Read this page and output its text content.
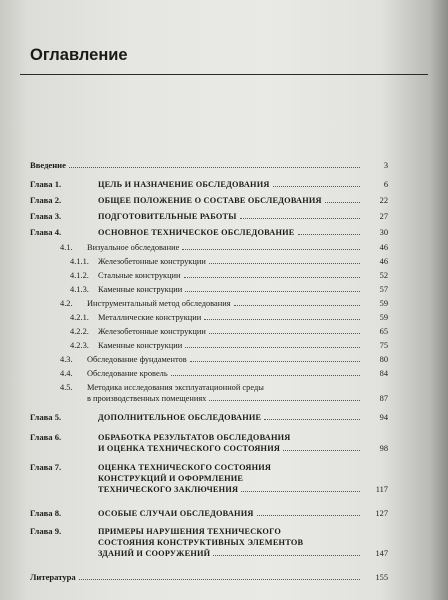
Оглавление
Введение	3
Глава 1.	ЦЕЛЬ И НАЗНАЧЕНИЕ ОБСЛЕДОВАНИЯ	6
Глава 2.	ОБЩЕЕ ПОЛОЖЕНИЕ О СОСТАВЕ ОБСЛЕДОВАНИЯ	22
Глава 3.	ПОДГОТОВИТЕЛЬНЫЕ РАБОТЫ	27
Глава 4.	ОСНОВНОЕ ТЕХНИЧЕСКОЕ ОБСЛЕДОВАНИЕ	30
4.1. Визуальное обследование	46
4.1.1. Железобетонные конструкции	46
4.1.2. Стальные конструкции	52
4.1.3. Каменные конструкции	57
4.2. Инструментальный метод обследования	59
4.2.1. Металлические конструкции	59
4.2.2. Железобетонные конструкции	65
4.2.3. Каменные конструкции	75
4.3. Обследование фундаментов	80
4.4. Обследование кровель	84
4.5. Методика исследования эксплуатационной среды
в производственных помещениях	87
Глава 5.	ДОПОЛНИТЕЛЬНОЕ ОБСЛЕДОВАНИЕ	94
Глава 6.	ОБРАБОТКА РЕЗУЛЬТАТОВ ОБСЛЕДОВАНИЯ
И ОЦЕНКА ТЕХНИЧЕСКОГО СОСТОЯНИЯ	98
Глава 7.	ОЦЕНКА ТЕХНИЧЕСКОГО СОСТОЯНИЯ
КОНСТРУКЦИЙ И ОФОРМЛЕНИЕ
ТЕХНИЧЕСКОГО ЗАКЛЮЧЕНИЯ	117
Глава 8.	ОСОБЫЕ СЛУЧАИ ОБСЛЕДОВАНИЯ	127
Глава 9.	ПРИМЕРЫ НАРУШЕНИЯ ТЕХНИЧЕСКОГО
СОСТОЯНИЯ КОНСТРУКТИВНЫХ ЭЛЕМЕНТОВ
ЗДАНИЙ И СООРУЖЕНИЙ	147
Литература	155
